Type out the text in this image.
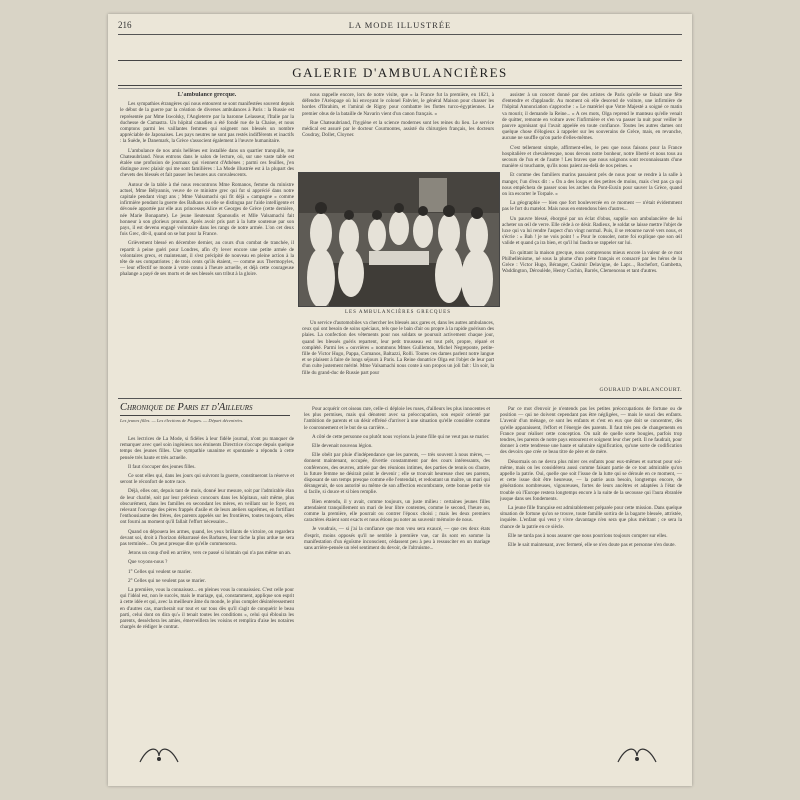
216	LA MODE ILLUSTRÉE
GALERIE D'AMBULANCIÈRES

L'ambulance grecque.

Les sympathies étrangères qui nous entourent se sont manifestées souvent depuis le début de la guerre par la création de diverses ambulances à Paris : la Russie est représentée par Mme Iswolsky, l'Angleterre par la baronne Lelasseur, l'Italie par la duchesse de Camastra. Un hôpital canadien a été fondé rue de la Chaise, et nous comptons parmi les vaillantes femmes qui soignent nos blessés un nombre appréciable de Japonaises. Les pays neutres ne sont pas restés indifférents et inactifs : la Suède, le Danemark, la Grèce s'associent également à l'œuvre humanitaire.

L'ambulance de nos amis hellènes est installée dans un quartier tranquille, rue Chateaubriand. Nous entrons dans le salon de lecture, où, sur une vaste table est étalée une profusion de journaux qui viennent d'Athènes ; parmi ces feuilles, j'en distingue avec plaisir qui me sont familières : La Mode illustrée est à la plupart des chevets des blessés et fait passer les heures aux convalescents.

Autour de la table à thé nous rencontrons Mme Romanos, femme du ministre actuel, Mme Bélyannis, veuve de ce ministre grec qui fut si apprécié dans notre capitale pendant vingt ans ; Mme Valsamachi qui fit déjà « campagne » comme infirmière pendant la guerre des Balkans ou elle se distingua par l'aide intelligente et dévouée apportée par elle aux princesses Alice et Georges de Grèce (cette dernière, née Marie Bonaparte). Le jeune lieutenant Spanoudis et Mlle Valsamachi fait honneur à son glorieux pronom. Après avoir pris part à la lutte soutenue par son pays, il est devenu engagé volontaire dans les rangs de notre armée. L'on cet deux fois Grec, dit-il, quand on se bat pour la France.

Grièvement blessé en décembre dernier, au cours d'un combat de tranchée, il repartit à peine guéri pour Londres, afin d'y lever encore une petite armée de volontaires grecs, et maintenant, il s'est précipité de nouveau en pleine action à la tête de ses compatriotes ; de trois cents qu'ils étaient, — comme aux Thermopyles, — leur effectif se monte à votre connu à l'heure actuelle, et déjà cette courageuse phalange a payé de ses morts et de ses blessés son tribut à la gloire.

nous rappelle encore, lors de notre visite, que « la France fut la première, en 1821, à défendre l'Aréopage où lui envoyant le colonel Fabvier, le général Maison pour chasser les hordes d'Ibrahim, et l'amiral de Rigny pour combattre les flottes turco-égyptiennes. Le premier obus de la bataille de Navarin vient d'un canon français. »

Rue Chateaubriand, l'hygiène et la science modernes sont les reines du lieu. Le service médical est assuré par le docteur Courmontes, assisté du chirurgien français, les docteurs Coudray, Dollet, Cloyner.

LES AMBULANCIÈRES GRECQUES

Un service d'automobiles va chercher les blessés aux gares et, dans les autres ambulances, ceux qui ont besoin de soins spéciaux, tels que le bain d'air ou propre à la rapide guérison des plaies. La confection des vêtements pour nos soldats se poursuit activement chaque jour, quand les blessés guéris repartent, leur petit trousseau est tout prêt, propre, réparé et complété. Parmi les « ouvrières » nommons Mmes Guillemon, Michel Negreponte, petite-fille de Victor Hugo, Pappa, Comanos, Baltazzi, Rolli. Toutes ces dames parlent notre langue et se plaisent à faire de longs séjours à Paris. La Reine donatrice Olga est l'objet de leur part d'un culte justement mérité. Mme Valsamachi nous conte à son propos un joli fait : Un soir, la fille du grand-duc de Russie part pour

assister à un concert donné par des artistes de Paris qu'elle se faisait une fête d'entendre et d'applaudir. Au moment où elle descend de voiture, une infirmière de l'hôpital Annonciation s'approche : « Le matériel que Votre Majesté a soigné ce matin va mourir, il demande la Reine... » A ces mots, Olga reprend le manteau qu'elle venait de quitter, remonte en voiture avec l'infirmière et s'en va passer la nuit pour veiller le pauvre agonisant qui l'avait appelée en toute confiance. Toutes les autres dames ont quelque chose d'élogieux à rappeler sur les souverains de Grèce, mais, en revanche, aucune ne souffle qu'on parle d'elles-mêmes.

C'est tellement simple, affirment-elles, le peu que nous faisons pour la France hospitalière et chevaleresque, nous devons notre bonheur, notre liberté et nous tous au secours de l'un et de l'autre ! Les braves que nous soignons sont reconnaissants d'une manière si touchante, qu'ils nous paient au-delà de nos peines. »

Et comme des familiers marins passaient près de nous pour se rendre à la salle à manger, l'un d'eux dit : « On a des loups et des petites de moins, mais c'est pas ça qui nous empêchera de passer sous les arches du Pont-Euxin pour sauver la Grèce, quand on ira escorter le Torpale. »

La géographie — bien que fort boulevercée en ce moment — n'était évidemment pas le fort du matelot. Mais nous en entendons bien d'autres...

Un pauvre blessé, éborgné par un éclat d'obus, supplie son ambulancière de lui acheter un œil de verre. Elle cède à ce désir. Radieux, le soldat se laisse mettre l'objet de luxe qui va lui rendre l'aspect d'un vingt normal. Puis, il se retourne navré vers nous, et s'écrie : « Bah ! je ne vois point ! » Pour le consoler, notre foi explique que son œil valide et quand ça ira bien, et qu'il lui faudra se rappeler sur lui.

En quittant la maison grecque, nous comprenons mieux encore la valeur de ce mot Philhellénisme, né sous la plume d'un poète français et consacré par les héros de la Grèce : Victor Hugo, Béranger, Casimir Delavigne, de Lapr..., Rochefort, Gambetta, Waddington, Déroulède, Henry Cochin, Barrès, Clemenceau et tant d'autres.

GOURAUD D'ABLANCOURT.
Chronique de Paris et d'Ailleurs
Les jeunes filles. — Les élections de Paques. — Départ décentrées.

Les lectrices de La Mode, si fidèles à leur fidèle journal, n'ont pu manquer de remarquer avec quel soin ingénieux nos éminents Directrice s'occupe depuis quelque temps des jeunes filles. Une sympathie unanime et spontanée a répondu à cette pensée très haute et très actuelle.

Il faut s'occuper des jeunes filles.

Ce sont elles qui, dans les jours qui suivront la guerre, constitueront la réserve et seront le réconfort de notre race.

Déjà, elles ont, depuis tant de mois, donné leur mesure, soit par l'admirable élan de leur charité, soit par leur précieux concours dans les hôpitaux, soit même, plus obscurément, dans les familles en secondant les mères, en veillant sur le foyer, en relevant l'ouvrage des pères frappés d'asile et de leurs ateliers suprêmes, en fortifiant l'enthousiasme des frères, des parents appelés sur les frontières, toutes toujours, elles ont fourni au moment qu'il fallait l'effort nécessaire...

Quand on dépouera les armes, quand, les yeux brillants de victoire, on regardera devant soi, droit à l'horizon débarrassé des Barbares, leur tâche la plus ardue ne sera pas terminée... On peut presque dire qu'elle commencera.

Jetons un coup d'œil en arrière, vers ce passé si lointain qui n'a pas même un an.

Que voyons-nous ?

1° Celles qui veulent se marier.

2° Celles qui ne veulent pas se marier.

La première, vous la connaissez... en pleines vous la connaissiez. C'est celle pour qui l'idéal est, non le succès, mais le mariage, qui, constamment, applique son esprit à cette idée et qui, avec la meilleure âme du monde, le plus complet désintéressement en d'autres cas, marcherait sur tout et sur tous dès qu'il s'agit de conquérir le beau parti, celui dont on dira qu'« il tenait toutes les conditions », celui qui éblouira les parents, dessèchera les amies, émerveillera les voisins et remplira d'aise les notaires chargés de rédiger le contrat.

Pour acquérir cet oiseau rare, celle-ci déploie les ruses, d'ailleurs les plus innocentes et les plus permises, mais qui dénotent avec sa préoccupation, son espoir orienté par l'ambition de parents et un désir effréné d'arriver à une situation qu'elle considère comme le couronnement et le but de sa carrière...

A côté de cette personne ou plutôt nous voyions la jeune fille qui ne veut pas se marier.

Elle devenait nouveau légion.

Elle obéit par pluie d'indépendance que les parents, — très souvent à nous mères, — donnent maintenant, occupée, divertie constamment par des cours intéressants, des conférences, des œuvres, attirée par des réunions intimes, des parties de tennis ou d'autre, la future femme ne désirait point le devenir ; elle se trouvait heureuse chez ses parents, disposant de son temps presque comme elle l'entendait, et redoutant un maître, un mari qui dérangerait, de son autorité ou même de son affection encombrante, cette bonne petite vie si facile, si douce et si bien remplie.

Bien entendu, il y avait, comme toujours, un juste milieu : certaines jeunes filles attendaient tranquillement un mari de leur libre contentes, comme le second, l'heure ou, comme la première, elle pourrait ou contrer l'époux choisi ; mais les deux premiers caractères étaient sont exacts et nous étions pu noter au souvenir mémoire de nous.

Je voudrais, — si j'ai la confiance que mon vœu sera exaucé, — que ces deux états d'esprit, moins opposés qu'il ne semble à première vue, car ils sont en somme la manifestation d'un égoïsme inconscient, cédassent peu à peu à ressusciter en un mariage sans arrière-pensée un réel sentiment du devoir, de l'altruisme...

Par ce mot d'envoir je n'entends pas les petites préoccupations de fortune ou de position — qui ne doivent cependant pas être négligées, — mais le souci des enfants. L'avenir d'un ménage, ce sont les enfants et c'est en eux que doit se concentrer, dès qu'elle apparaissent, l'effort et l'énergie des parents. Il faut très peu de changements en France pour réaliser cette conception. On naît de quelle sorte bougies, parfois trop tendres, les parents de notre pays entourent et soignent leur cher petit. Il ne faudrait, pour donner à cette tendresse une haute et salutaire signification, qu'une sorte de codification des devoirs que crée ce beau titre de père et de mère.

Désormais on ne devra plus mirer ces enfants pour eux-mêmes et surtout pour soi-même, mais on les considérera aussi comme faisant partie de ce tout admirable qu'on appelle la patrie. Oui, quelle que soit l'issue de la lutte qui se déroule en ce moment, — et cette issue doit être heureuse, — la patrie aura besoin, longtemps encore, de générations nombreuses, vigoureuses, fortes de leurs ancêtres et adaptées à l'état de trouble où l'Europe restera longtemps encore à la suite de la secousse qui l'aura ébranlée jusque dans ses fondements.

La jeune fille française est admirablement préparée pour cette mission. Dans quelque situation de fortune qu'on se trouve, toute famille sortira de la bagarre blessée, attristée, inquiète. L'enfant qui veut y vivre davantage n'en sera que plus méritant ; ce sera la chance de la patrie en ce siècle.

Elle ne tarda pas à nous assurer que nous pourrions toujours compter sur elles.

Elle le sait maintenant, avec fermeté, elle se n'en doute pas et personne n'en doute.
